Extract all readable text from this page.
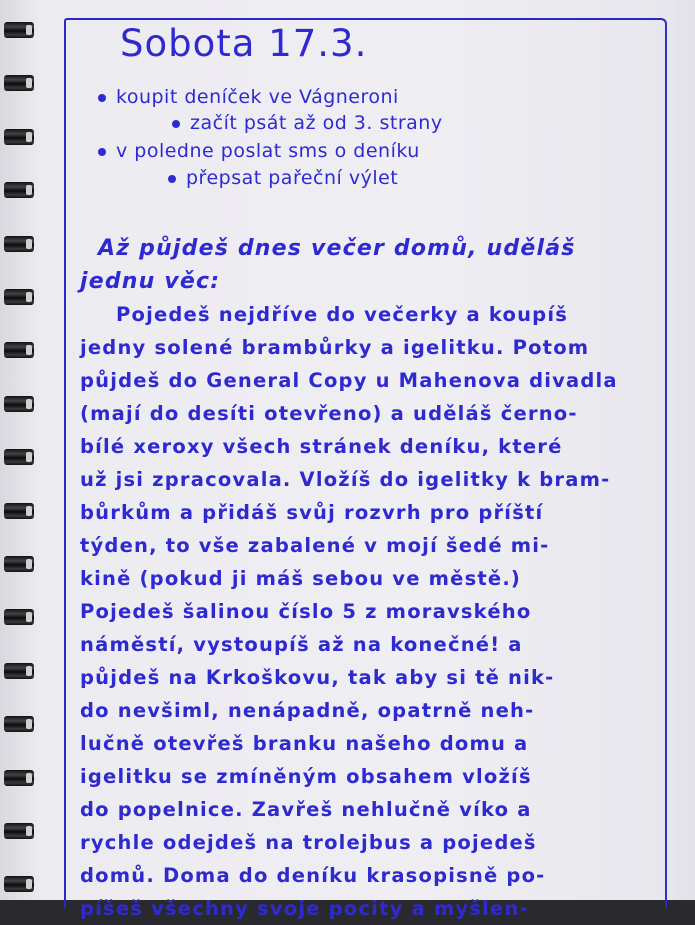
Sobota 17.3.
koupit deníček ve Vágneroni
začít psát až od 3. strany
v poledne poslat sms o deníku
přepsat pařeční výlet
Až půjdeš dnes večer domů, uděláš
jednu věc:
Pojedeš nejdříve do večerky a koupíš
jedny solené brambůrky a igelitku. Potom
půjdeš do General Copy u Mahenova divadla
(mají do desíti otevřeno) a uděláš černo-
bílé xeroxy všech stránek deníku, které
už jsi zpracovala. Vložíš do igelitky k bram-
bůrkům a přidáš svůj rozvrh pro příští
týden, to vše zabalené v mojí šedé mi-
kině (pokud ji máš sebou ve městě.)
Pojedeš šalinou číslo 5 z moravského
náměstí, vystoupíš až na konečné! a
půjdeš na Krkoškovu, tak aby si tě nik-
do nevšiml, nenápadně, opatrně neh-
lučně otevřeš branku našeho domu a
igelitku se zmíněným obsahem vložíš
do popelnice. Zavřeš nehlučně víko a
rychle odejdeš na trolejbus a pojedeš
domů. Doma do deníku krasopisně po-
píšeš všechny svoje pocity a myšlen-
